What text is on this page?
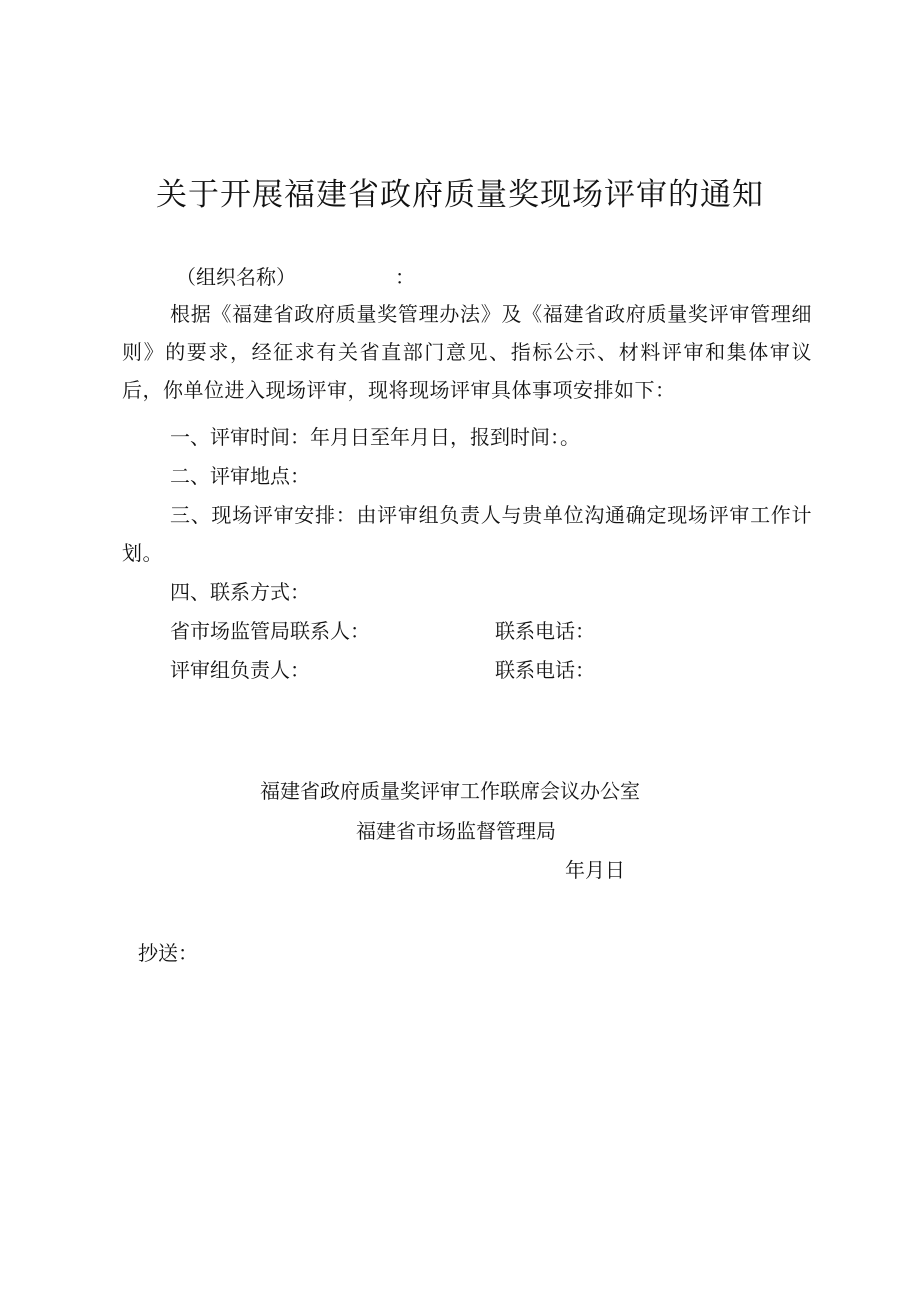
关于开展福建省政府质量奖现场评审的通知
（组织名称）	：
根据《福建省政府质量奖管理办法》及《福建省政府质量奖评审管理细则》的要求，经征求有关省直部门意见、指标公示、材料评审和集体审议后，你单位进入现场评审，现将现场评审具体事项安排如下：
一、评审时间：年月日至年月日，报到时间：。
二、评审地点：
三、现场评审安排：由评审组负责人与贵单位沟通确定现场评审工作计划。
四、联系方式：
省市场监管局联系人：	联系电话：
评审组负责人：	联系电话：
福建省政府质量奖评审工作联席会议办公室
福建省市场监督管理局
年月日
抄送：
